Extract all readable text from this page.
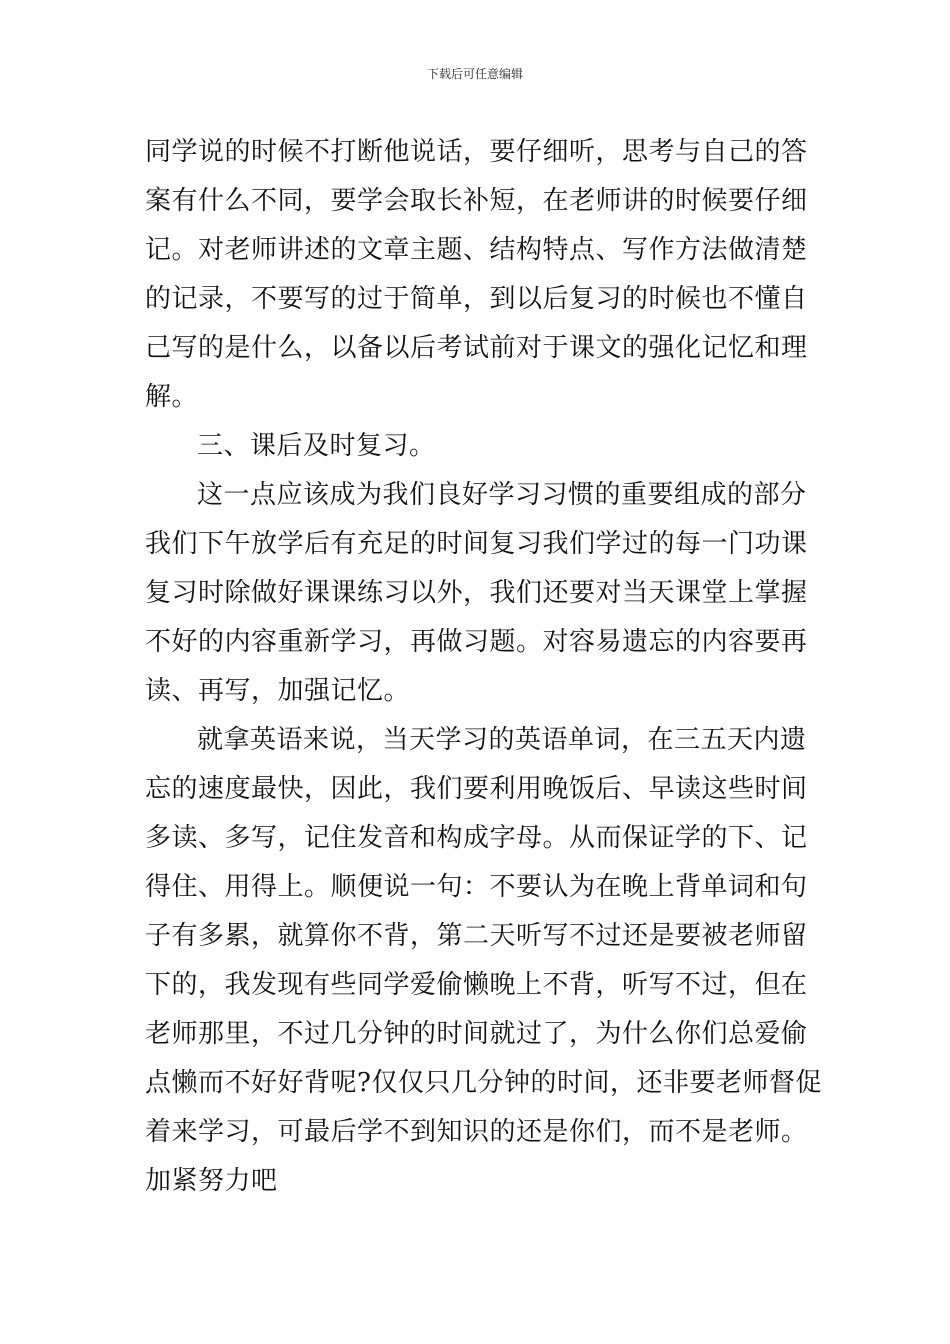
下载后可任意编辑
同学说的时候不打断他说话，要仔细听，思考与自己的答
案有什么不同，要学会取长补短，在老师讲的时候要仔细
记。对老师讲述的文章主题、结构特点、写作方法做清楚
的记录，不要写的过于简单，到以后复习的时候也不懂自
己写的是什么，以备以后考试前对于课文的强化记忆和理
解。
三、课后及时复习。
这一点应该成为我们良好学习习惯的重要组成的部分
我们下午放学后有充足的时间复习我们学过的每一门功课
复习时除做好课课练习以外，我们还要对当天课堂上掌握
不好的内容重新学习，再做习题。对容易遗忘的内容要再
读、再写，加强记忆。
就拿英语来说，当天学习的英语单词，在三五天内遗
忘的速度最快，因此，我们要利用晚饭后、早读这些时间
多读、多写，记住发音和构成字母。从而保证学的下、记
得住、用得上。顺便说一句：不要认为在晚上背单词和句
子有多累，就算你不背，第二天听写不过还是要被老师留
下的，我发现有些同学爱偷懒晚上不背，听写不过，但在
老师那里，不过几分钟的时间就过了，为什么你们总爱偷
点懒而不好好背呢?仅仅只几分钟的时间，还非要老师督促
着来学习，可最后学不到知识的还是你们，而不是老师。
加紧努力吧
